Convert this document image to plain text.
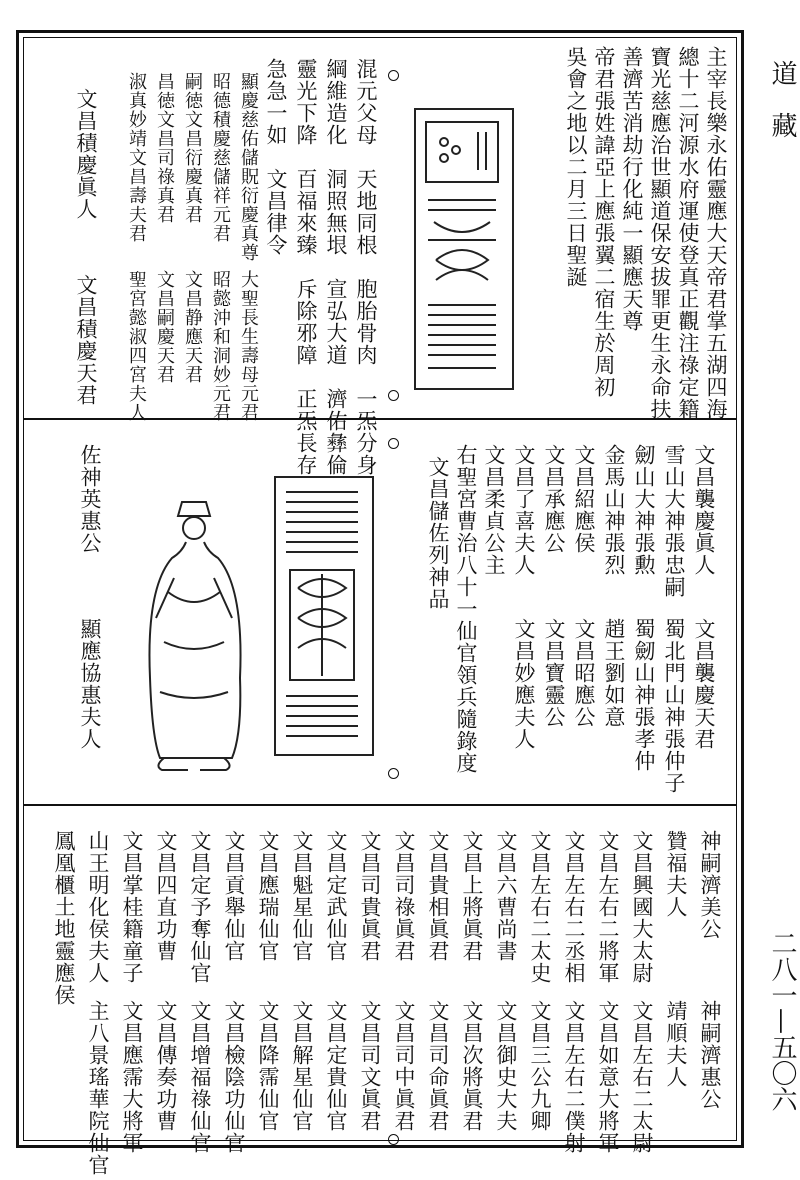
主宰長樂永佑靈應大天帝君掌五湖四海
總十二河源水府運使登真正觀注祿定籍
寶光慈應治世顯道保安拔罪更生永命扶
善濟苦消劫行化純一顯應天尊
帝君張姓諱亞上應張翼二宿生於周初
吳會之地以二月三日聖誕
混元父母　天地同根　胞胎骨肉　一炁分身
綱維造化　洞照無垠　宣弘大道　濟佑彝倫
靈光下降　百福來臻　斥除邪障　正炁長存
急急一如　文昌律令
顯慶慈佑儲貺衍慶真尊
大聖長生壽母元君
昭德積慶慈儲祥元君
昭懿沖和洞妙元君
嗣徳文昌衍慶真君
文昌静應天君
昌徳文昌司祿真君
文昌嗣慶天君
淑真妙靖文昌壽夫君
聖宮懿淑四宮夫人
文昌積慶眞人
文昌積慶天君
文昌襲慶眞人
文昌襲慶天君
雪山大神張忠嗣
蜀北門山神張仲子
劒山大神張勲
蜀劒山神張孝仲
金馬山神張烈
趙王劉如意
文昌紹應侯
文昌昭應公
文昌承應公
文昌寶靈公
文昌了喜夫人
文昌妙應夫人
文昌柔貞公主
右聖宮曹治八十一仙官領兵隨錄度
文昌儲佐列神品
佐神英惠公
顯應協惠夫人
神嗣濟美公
神嗣濟惠公
贊福夫人
靖順夫人
文昌興國大太尉
文昌左右二太尉
文昌左右二將軍
文昌如意大將軍
文昌左右二丞相
文昌左右二僕射
文昌左右二太史
文昌三公九卿
文昌六曹尚書
文昌御史大夫
文昌上將眞君
文昌次將眞君
文昌貴相眞君
文昌司命眞君
文昌司祿眞君
文昌司中眞君
文昌司貴眞君
文昌司文眞君
文昌定武仙官
文昌定貴仙官
文昌魁星仙官
文昌解星仙官
文昌應瑞仙官
文昌降霈仙官
文昌貢舉仙官
文昌檢陰功仙官
文昌定予奪仙官
文昌增福祿仙官
文昌四直功曹
文昌傳奏功曹
文昌掌桂籍童子
文昌應霈大將軍
山王明化侯夫人
主八景瑤華院仙官
鳳凰櫃土地靈應侯
道　藏
二八一—五〇六
